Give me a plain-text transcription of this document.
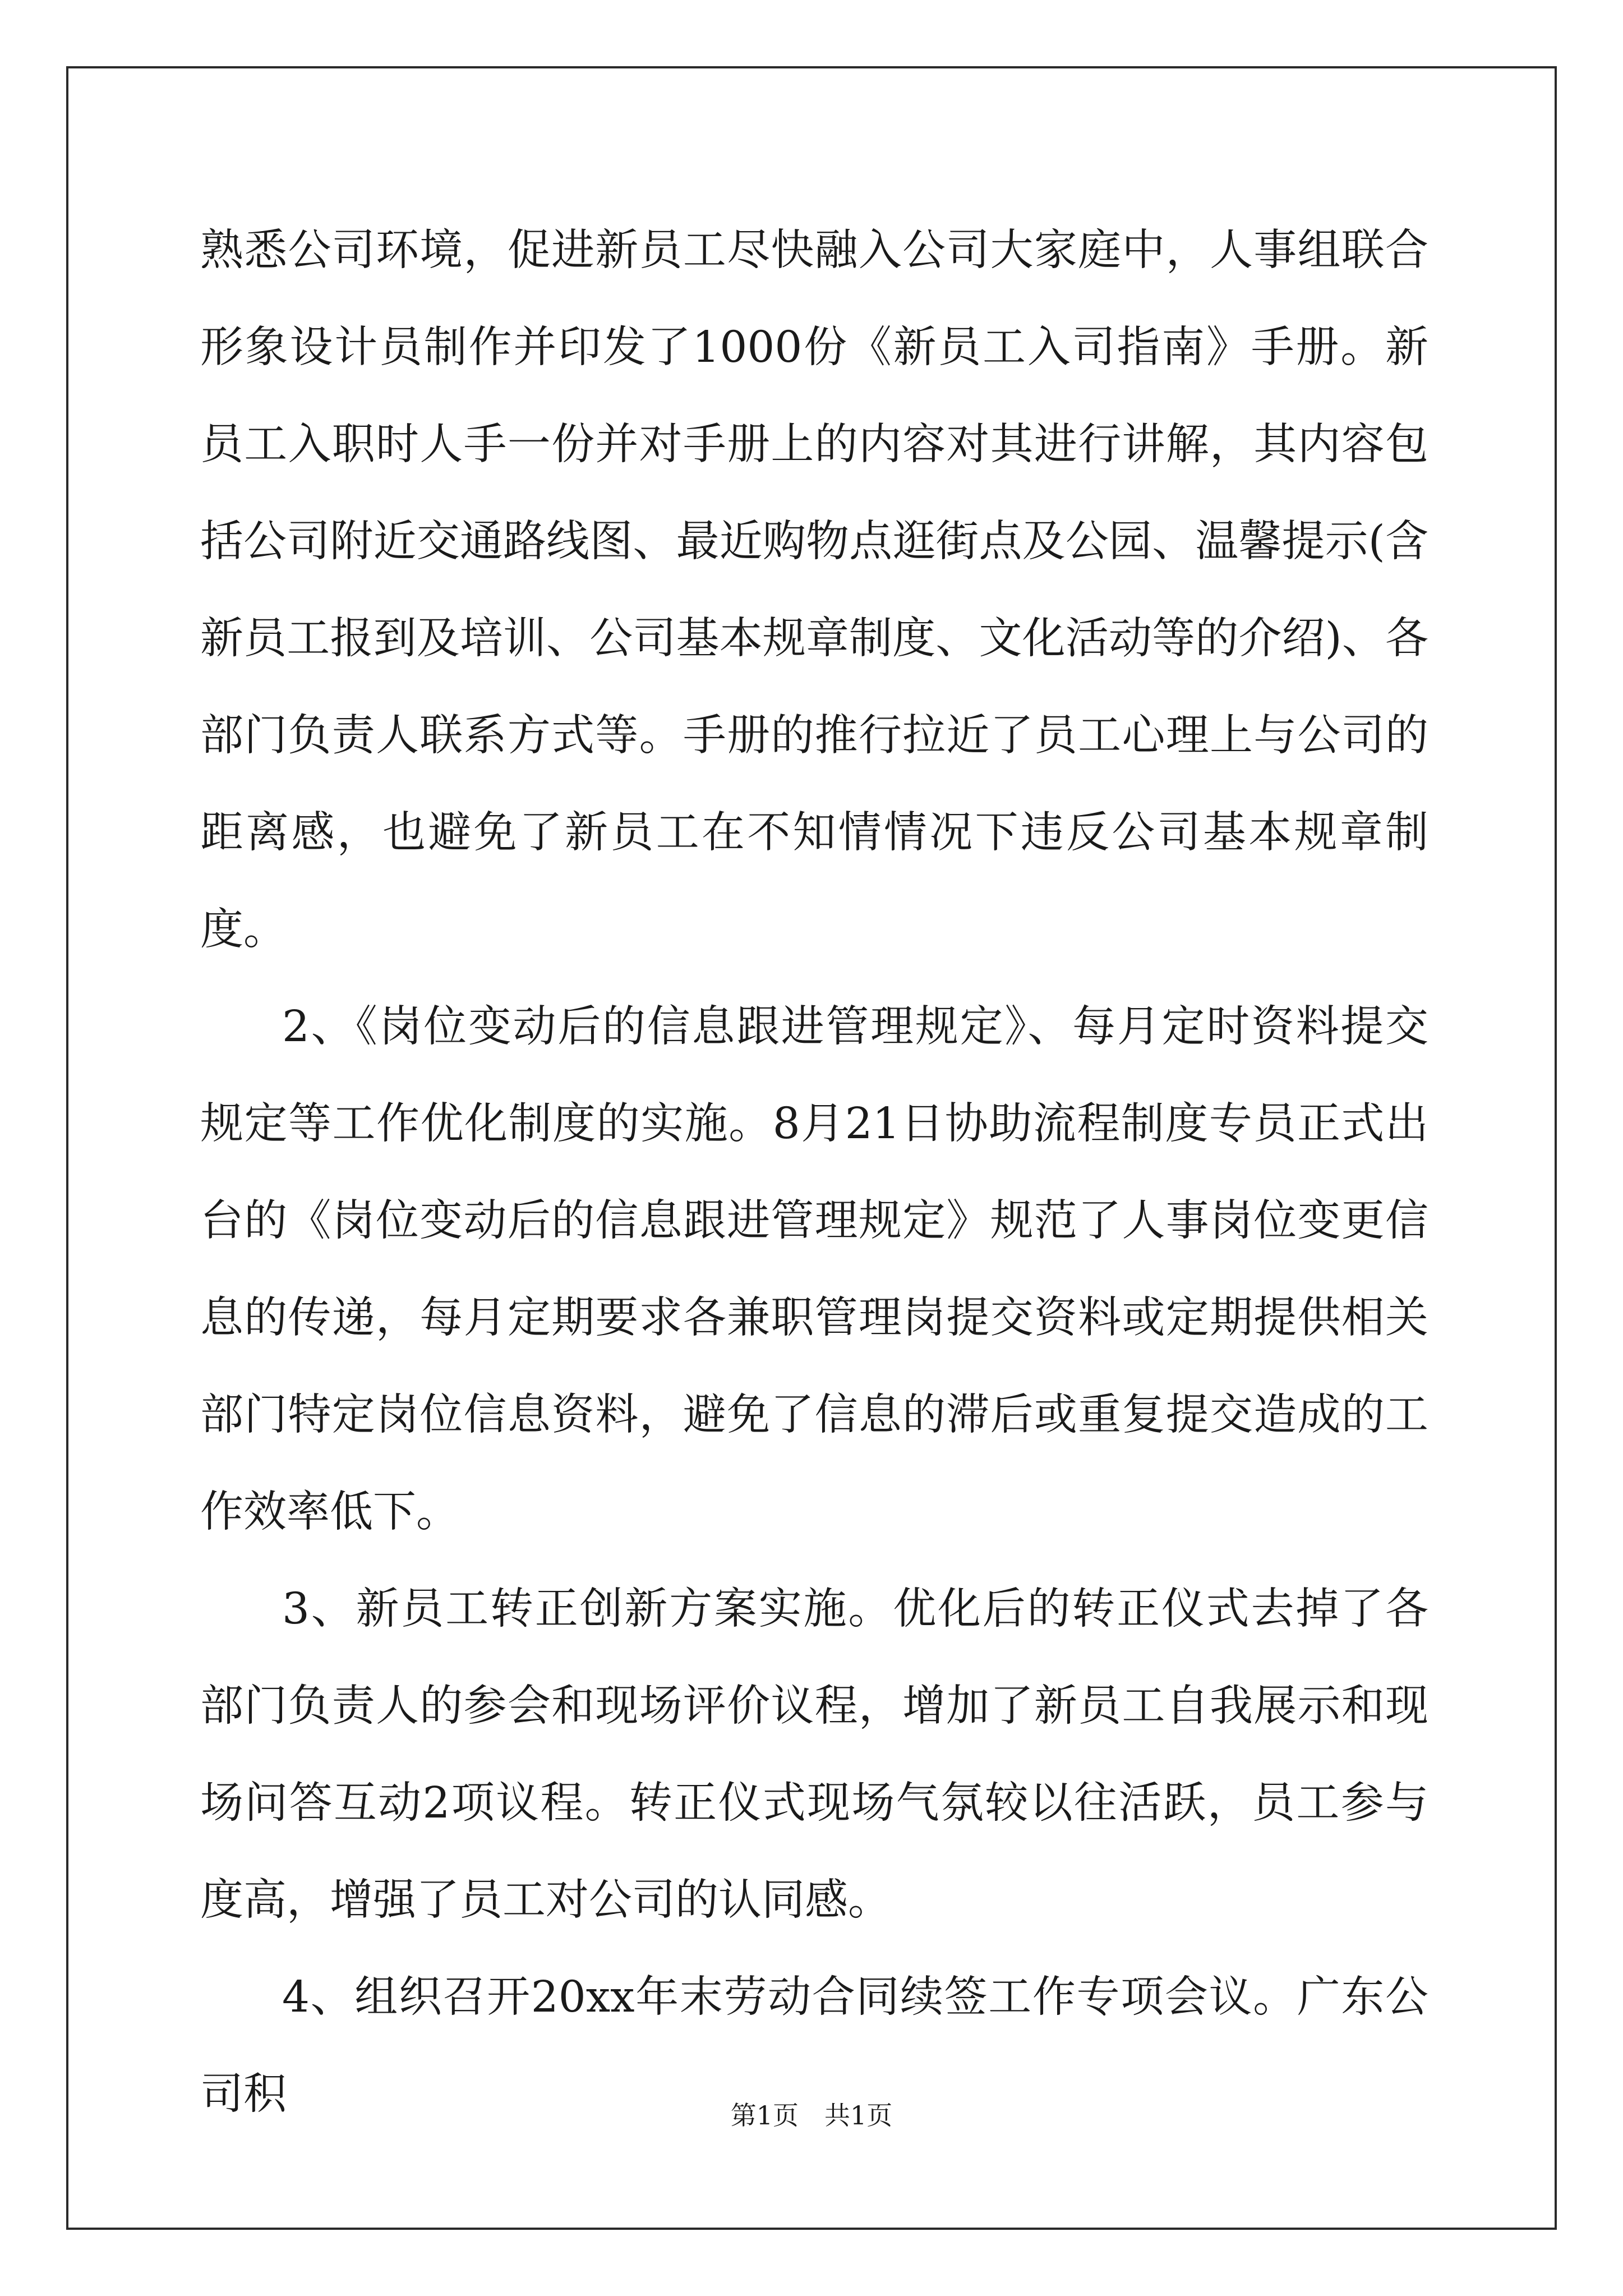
熟悉公司环境，促进新员工尽快融入公司大家庭中，人事组联合形象设计员制作并印发了1000份《新员工入司指南》手册。新员工入职时人手一份并对手册上的内容对其进行讲解，其内容包括公司附近交通路线图、最近购物点逛街点及公园、温馨提示(含新员工报到及培训、公司基本规章制度、文化活动等的介绍)、各部门负责人联系方式等。手册的推行拉近了员工心理上与公司的距离感，也避免了新员工在不知情情况下违反公司基本规章制度。

2、《岗位变动后的信息跟进管理规定》、每月定时资料提交规定等工作优化制度的实施。8月21日协助流程制度专员正式出台的《岗位变动后的信息跟进管理规定》规范了人事岗位变更信息的传递，每月定期要求各兼职管理岗提交资料或定期提供相关部门特定岗位信息资料，避免了信息的滞后或重复提交造成的工作效率低下。

3、新员工转正创新方案实施。优化后的转正仪式去掉了各部门负责人的参会和现场评价议程，增加了新员工自我展示和现场问答互动2项议程。转正仪式现场气氛较以往活跃，员工参与度高，增强了员工对公司的认同感。

4、组织召开20xx年末劳动合同续签工作专项会议。广东公司积	第1页　共1页
